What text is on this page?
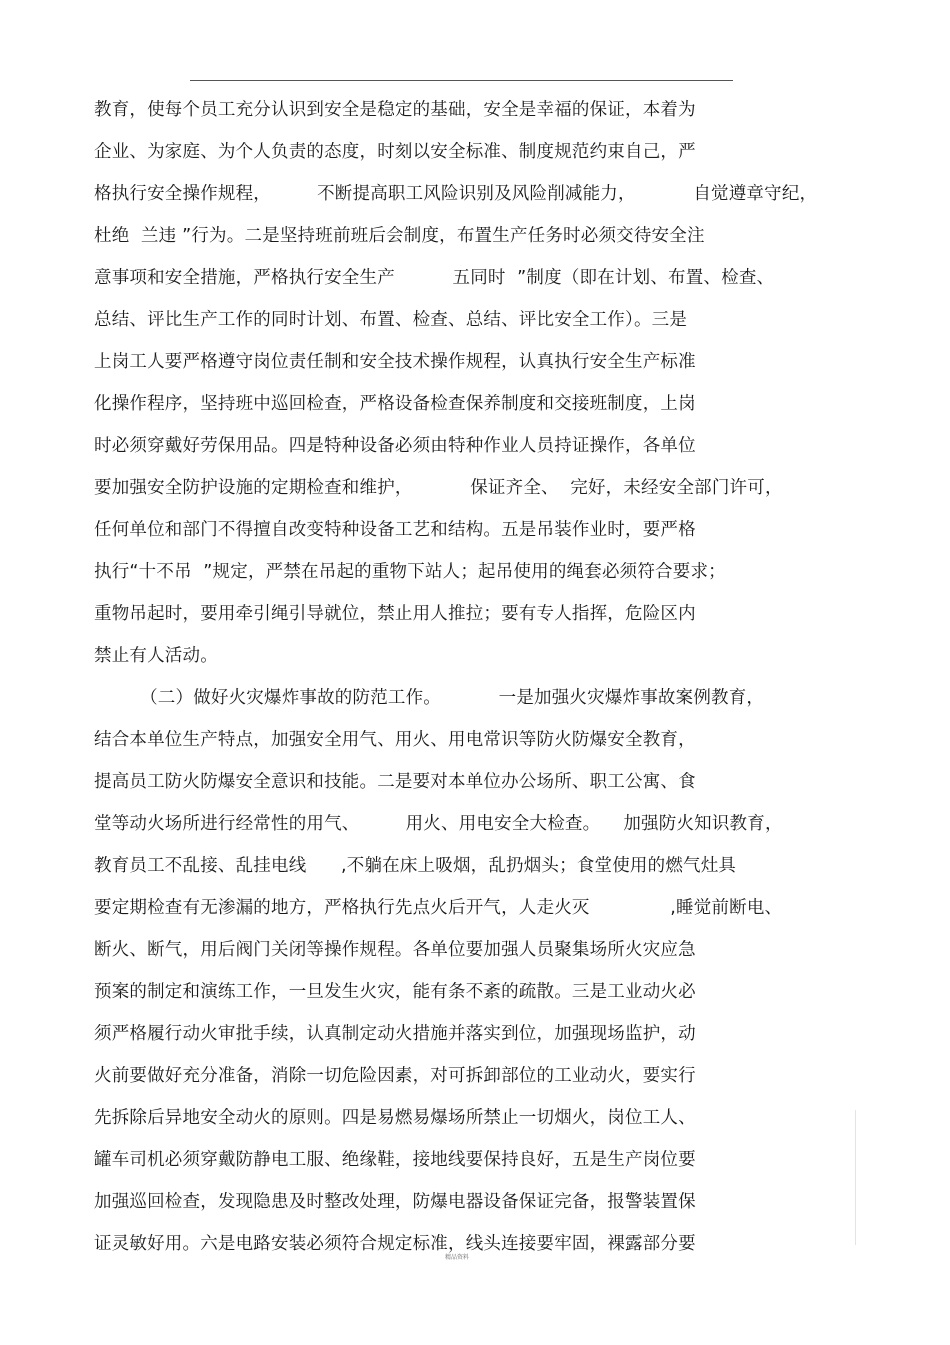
教育，使每个员工充分认识到安全是稳定的基础，安全是幸福的保证，本着为
企业、为家庭、为个人负责的态度，时刻以安全标准、制度规范约束自己，严
格执行安全操作规程，        不断提高职工风险识别及风险削减能力，          自觉遵章守纪，
杜绝  兰违 ”行为。二是坚持班前班后会制度，布置生产任务时必须交待安全注
意事项和安全措施，严格执行安全生产          五同时  ”制度（即在计划、布置、检查、
总结、评比生产工作的同时计划、布置、检查、总结、评比安全工作）。三是
上岗工人要严格遵守岗位责任制和安全技术操作规程，认真执行安全生产标准
化操作程序，坚持班中巡回检查，严格设备检查保养制度和交接班制度，上岗
时必须穿戴好劳保用品。四是特种设备必须由特种作业人员持证操作，各单位
要加强安全防护设施的定期检查和维护，          保证齐全、  完好，未经安全部门许可，
任何单位和部门不得擅自改变特种设备工艺和结构。五是吊装作业时，要严格
执行“十不吊  ”规定，严禁在吊起的重物下站人；起吊使用的绳套必须符合要求；
重物吊起时，要用牵引绳引导就位，禁止用人推拉；要有专人指挥，危险区内
禁止有人活动。
（二）做好火灾爆炸事故的防范工作。          一是加强火灾爆炸事故案例教育，
结合本单位生产特点，加强安全用气、用火、用电常识等防火防爆安全教育，
提高员工防火防爆安全意识和技能。二是要对本单位办公场所、职工公寓、食
堂等动火场所进行经常性的用气、        用火、用电安全大检查。    加强防火知识教育，
教育员工不乱接、乱挂电线      ,不躺在床上吸烟，乱扔烟头；食堂使用的燃气灶具
要定期检查有无渗漏的地方，严格执行先点火后开气，人走火灭              ,睡觉前断电、
断火、断气，用后阀门关闭等操作规程。各单位要加强人员聚集场所火灾应急
预案的制定和演练工作，一旦发生火灾，能有条不紊的疏散。三是工业动火必
须严格履行动火审批手续，认真制定动火措施并落实到位，加强现场监护，动
火前要做好充分准备，消除一切危险因素，对可拆卸部位的工业动火，要实行
先拆除后异地安全动火的原则。四是易燃易爆场所禁止一切烟火，岗位工人、
罐车司机必须穿戴防静电工服、绝缘鞋，接地线要保持良好，五是生产岗位要
加强巡回检查，发现隐患及时整改处理，防爆电器设备保证完备，报警装置保
证灵敏好用。六是电路安装必须符合规定标准，线头连接要牢固，裸露部分要
精品资料
